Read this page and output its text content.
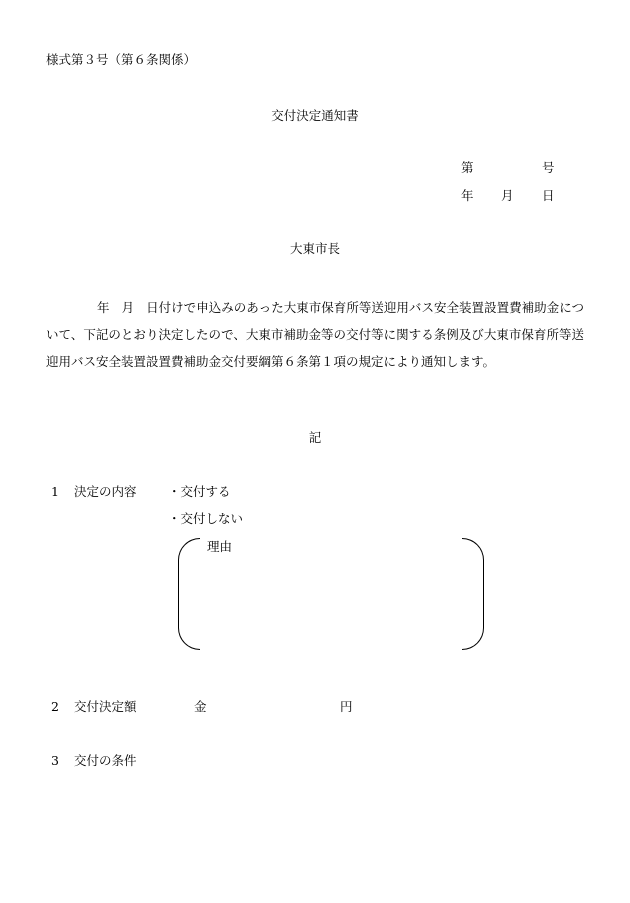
様式第３号（第６条関係）
交付決定通知書
第	号
年 月 日
大東市長
年 月 日付けで申込みのあった大東市保育所等送迎用バス安全装置設置費補助金について、下記のとおり決定したので、大東市補助金等の交付等に関する条例及び大東市保育所等送迎用バス安全装置設置費補助金交付要綱第６条第１項の規定により通知します。
記
1 決定の内容	・交付する
・交付しない
理由
2 交付決定額	金	円
3 交付の条件
